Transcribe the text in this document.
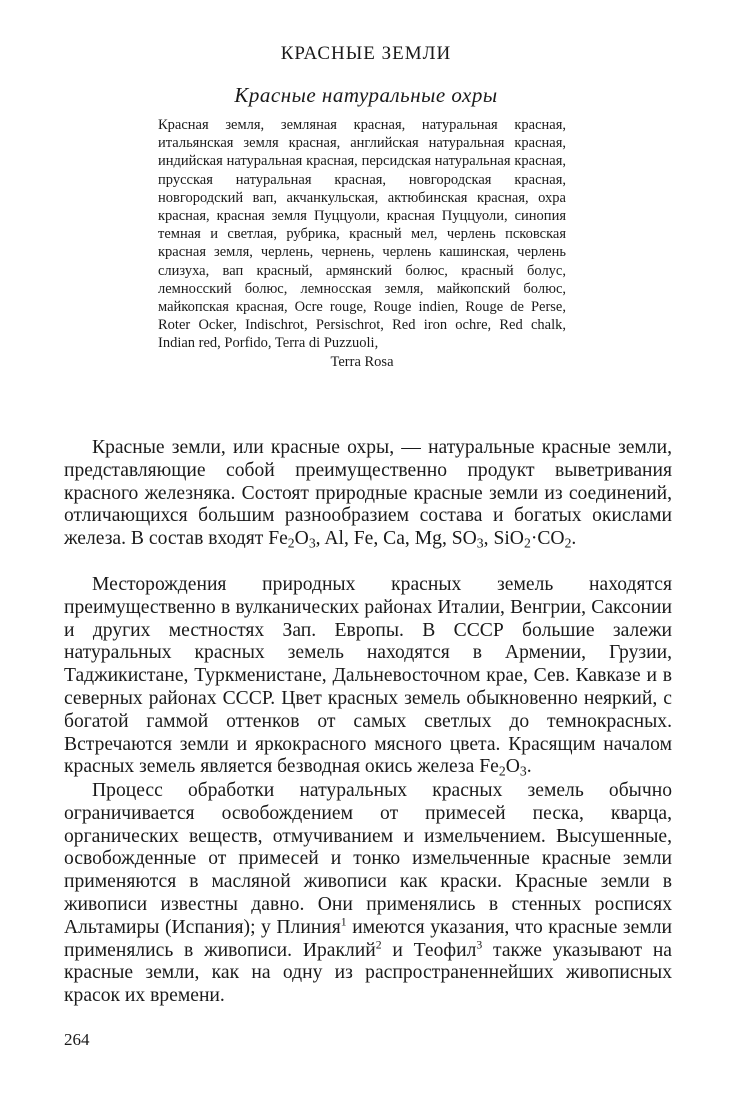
КРАСНЫЕ ЗЕМЛИ
Красные натуральные охры
Красная земля, земляная красная, натуральная красная, итальянская земля красная, английская натуральная красная, индийская натуральная красная, персидская натуральная красная, прусская натуральная красная, новгородская красная, новгородский вап, акчанкульская, актюбинская красная, охра красная, красная земля Пуццуоли, красная Пуццуоли, синопия темная и светлая, рубрика, красный мел, черлень псковская красная земля, черлень, чернень, черлень кашинская, черлень слизуха, вап красный, армянский болюс, красный болус, лемносский болюс, лемносская земля, майкопский болюс, майкопская красная, Ocre rouge, Rouge indien, Rouge de Perse, Roter Ocker, Indischrot, Persischrot, Red iron ochre, Red chalk, Indian red, Porfido, Terra di Puzzuoli,
Terra Rosa

Красные земли, или красные охры, — натуральные красные земли, представляющие собой преимущественно продукт выветривания красного железняка. Состоят природные красные земли из соединений, отличающихся большим разнообразием состава и богатых окислами железа. В состав входят $Fe_2O_3$, Al, Fe, Ca, Mg, $SO_3$, $SiO_2\cdot CO_2$.

Месторождения природных красных земель находятся преимущественно в вулканических районах Италии, Венгрии, Саксонии и других местностях Зап. Европы. В СССР большие залежи натуральных красных земель находятся в Армении, Грузии, Таджикистане, Туркменистане, Дальневосточном крае, Сев. Кавказе и в северных районах СССР. Цвет красных земель обыкновенно неяркий, с богатой гаммой оттенков от самых светлых до темнокрасных. Встречаются земли и яркокрасного мясного цвета. Красящим началом красных земель является безводная окись железа $Fe_2O_3$.

Процесс обработки натуральных красных земель обычно ограничивается освобождением от примесей песка, кварца, органических веществ, отмучиванием и измельчением. Высушенные, освобожденные от примесей и тонко измельченные красные земли применяются в масляной живописи как краски. Красные земли в живописи известны давно. Они применялись в стенных росписях Альтамиры (Испания); у Плиния$^1$ имеются указания, что красные земли применялись в живописи. Ираклий$^2$ и Теофил$^3$ также указывают на красные земли, как на одну из распространеннейших живописных красок их времени.

264
